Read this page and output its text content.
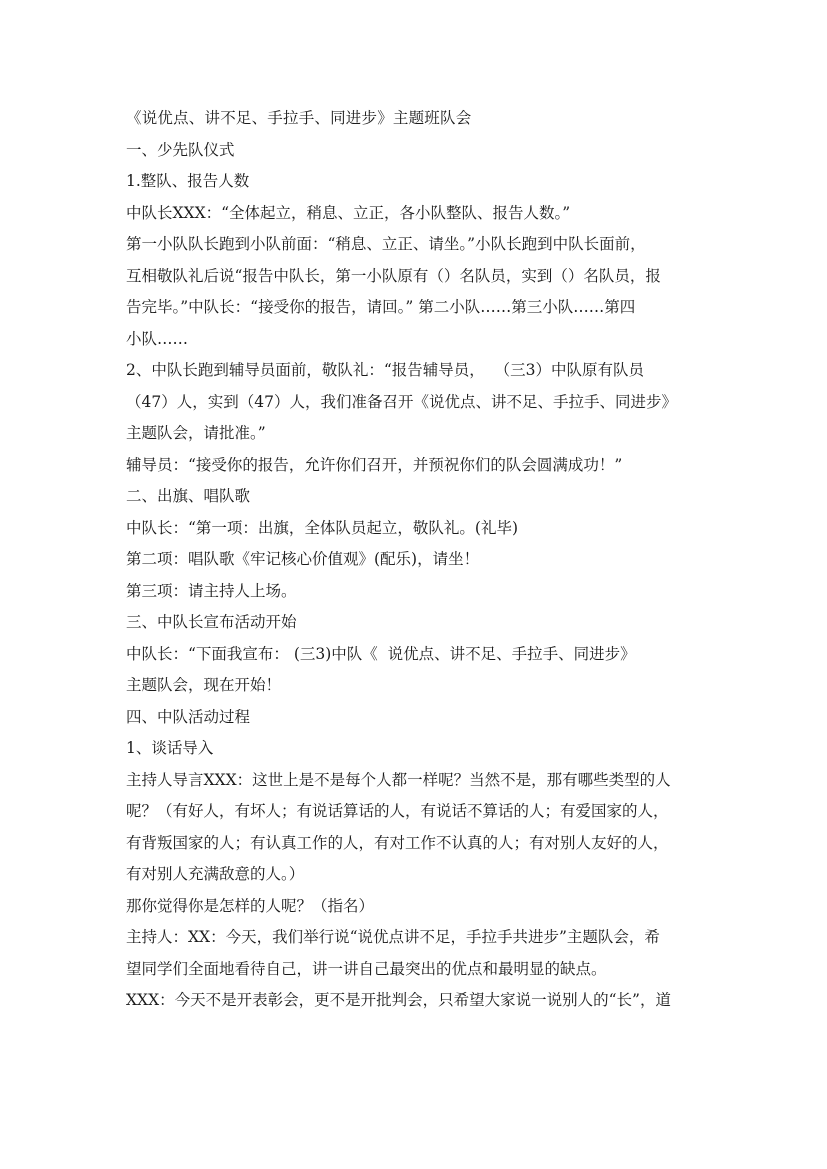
《说优点、讲不足、手拉手、同进步》主题班队会

一、少先队仪式

1.整队、报告人数

中队长XXX：“全体起立，稍息、立正，各小队整队、报告人数。”

第一小队队长跑到小队前面：“稍息、立正、请坐。”小队长跑到中队长面前，

互相敬队礼后说“报告中队长，第一小队原有（）名队员，实到（）名队员，报

告完毕。”中队长：“接受你的报告，请回。” 第二小队……第三小队……第四

小队……

2、中队长跑到辅导员面前，敬队礼：“报告辅导员，  （三3）中队原有队员

（47）人，实到（47）人，我们准备召开《说优点、讲不足、手拉手、同进步》

主题队会，请批准。”

辅导员：“接受你的报告，允许你们召开，并预祝你们的队会圆满成功！”

二、出旗、唱队歌

中队长：“第一项：出旗，全体队员起立，敬队礼。(礼毕)

第二项：唱队歌《牢记核心价值观》(配乐)，请坐！

第三项：请主持人上场。

三、中队长宣布活动开始

中队长：“下面我宣布： (三3)中队《  说优点、讲不足、手拉手、同进步》

主题队会，现在开始！

四、中队活动过程

1、谈话导入

主持人导言XXX：这世上是不是每个人都一样呢？当然不是，那有哪些类型的人

呢？（有好人，有坏人；有说话算话的人，有说话不算话的人；有爱国家的人，

有背叛国家的人；有认真工作的人，有对工作不认真的人；有对别人友好的人，

有对别人充满敌意的人。）

那你觉得你是怎样的人呢？（指名）

主持人：XX：今天，我们举行说“说优点讲不足，手拉手共进步”主题队会，希

望同学们全面地看待自己，讲一讲自己最突出的优点和最明显的缺点。

XXX：今天不是开表彰会，更不是开批判会，只希望大家说一说别人的“长”，道
